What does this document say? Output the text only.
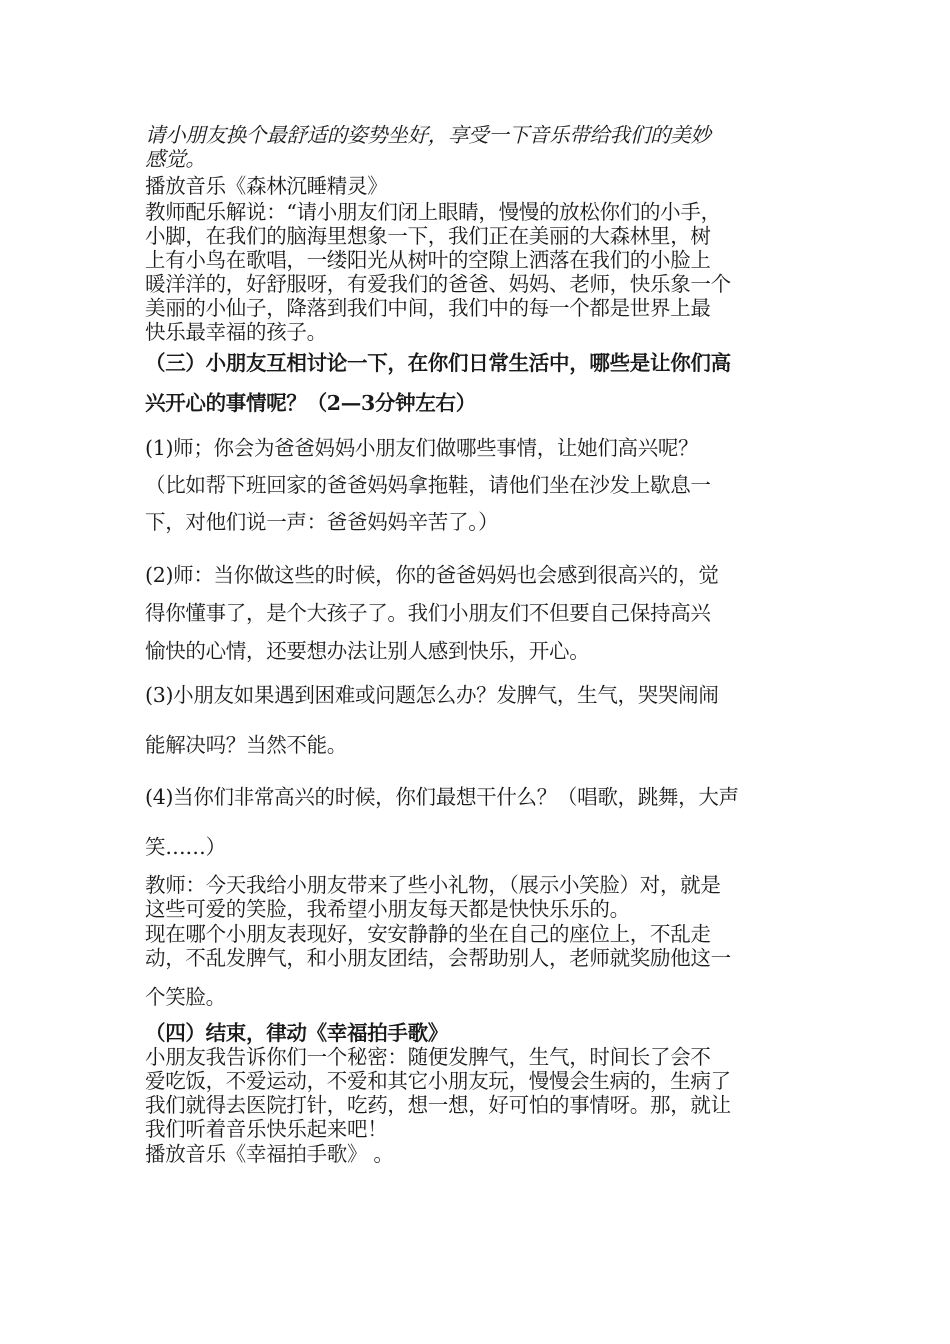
请小朋友换个最舒适的姿势坐好，享受一下音乐带给我们的美妙
感觉。
播放音乐《森林沉睡精灵》
教师配乐解说：“请小朋友们闭上眼睛，慢慢的放松你们的小手，
小脚，在我们的脑海里想象一下，我们正在美丽的大森林里，树
上有小鸟在歌唱，一缕阳光从树叶的空隙上洒落在我们的小脸上
暖洋洋的，好舒服呀，有爱我们的爸爸、妈妈、老师，快乐象一个
美丽的小仙子，降落到我们中间，我们中的每一个都是世界上最
快乐最幸福的孩子。
（三）小朋友互相讨论一下，在你们日常生活中，哪些是让你们高
兴开心的事情呢？（2—3分钟左右）
(1)师；你会为爸爸妈妈小朋友们做哪些事情，让她们高兴呢？
（比如帮下班回家的爸爸妈妈拿拖鞋，请他们坐在沙发上歇息一
下，对他们说一声：爸爸妈妈辛苦了。）
(2)师：当你做这些的时候，你的爸爸妈妈也会感到很高兴的，觉
得你懂事了，是个大孩子了。我们小朋友们不但要自己保持高兴
愉快的心情，还要想办法让别人感到快乐，开心。
(3)小朋友如果遇到困难或问题怎么办？发脾气，生气，哭哭闹闹
能解决吗？当然不能。
(4)当你们非常高兴的时候，你们最想干什么？（唱歌，跳舞，大声
笑……）
教师：今天我给小朋友带来了些小礼物，（展示小笑脸）对，就是
这些可爱的笑脸，我希望小朋友每天都是快快乐乐的。
现在哪个小朋友表现好，安安静静的坐在自己的座位上，不乱走
动，不乱发脾气，和小朋友团结，会帮助别人，老师就奖励他这一
个笑脸。
（四）结束，律动《幸福拍手歌》
小朋友我告诉你们一个秘密：随便发脾气，生气，时间长了会不
爱吃饭，不爱运动，不爱和其它小朋友玩，慢慢会生病的，生病了
我们就得去医院打针，吃药，想一想，好可怕的事情呀。那，就让
我们听着音乐快乐起来吧！
播放音乐《幸福拍手歌》 。
